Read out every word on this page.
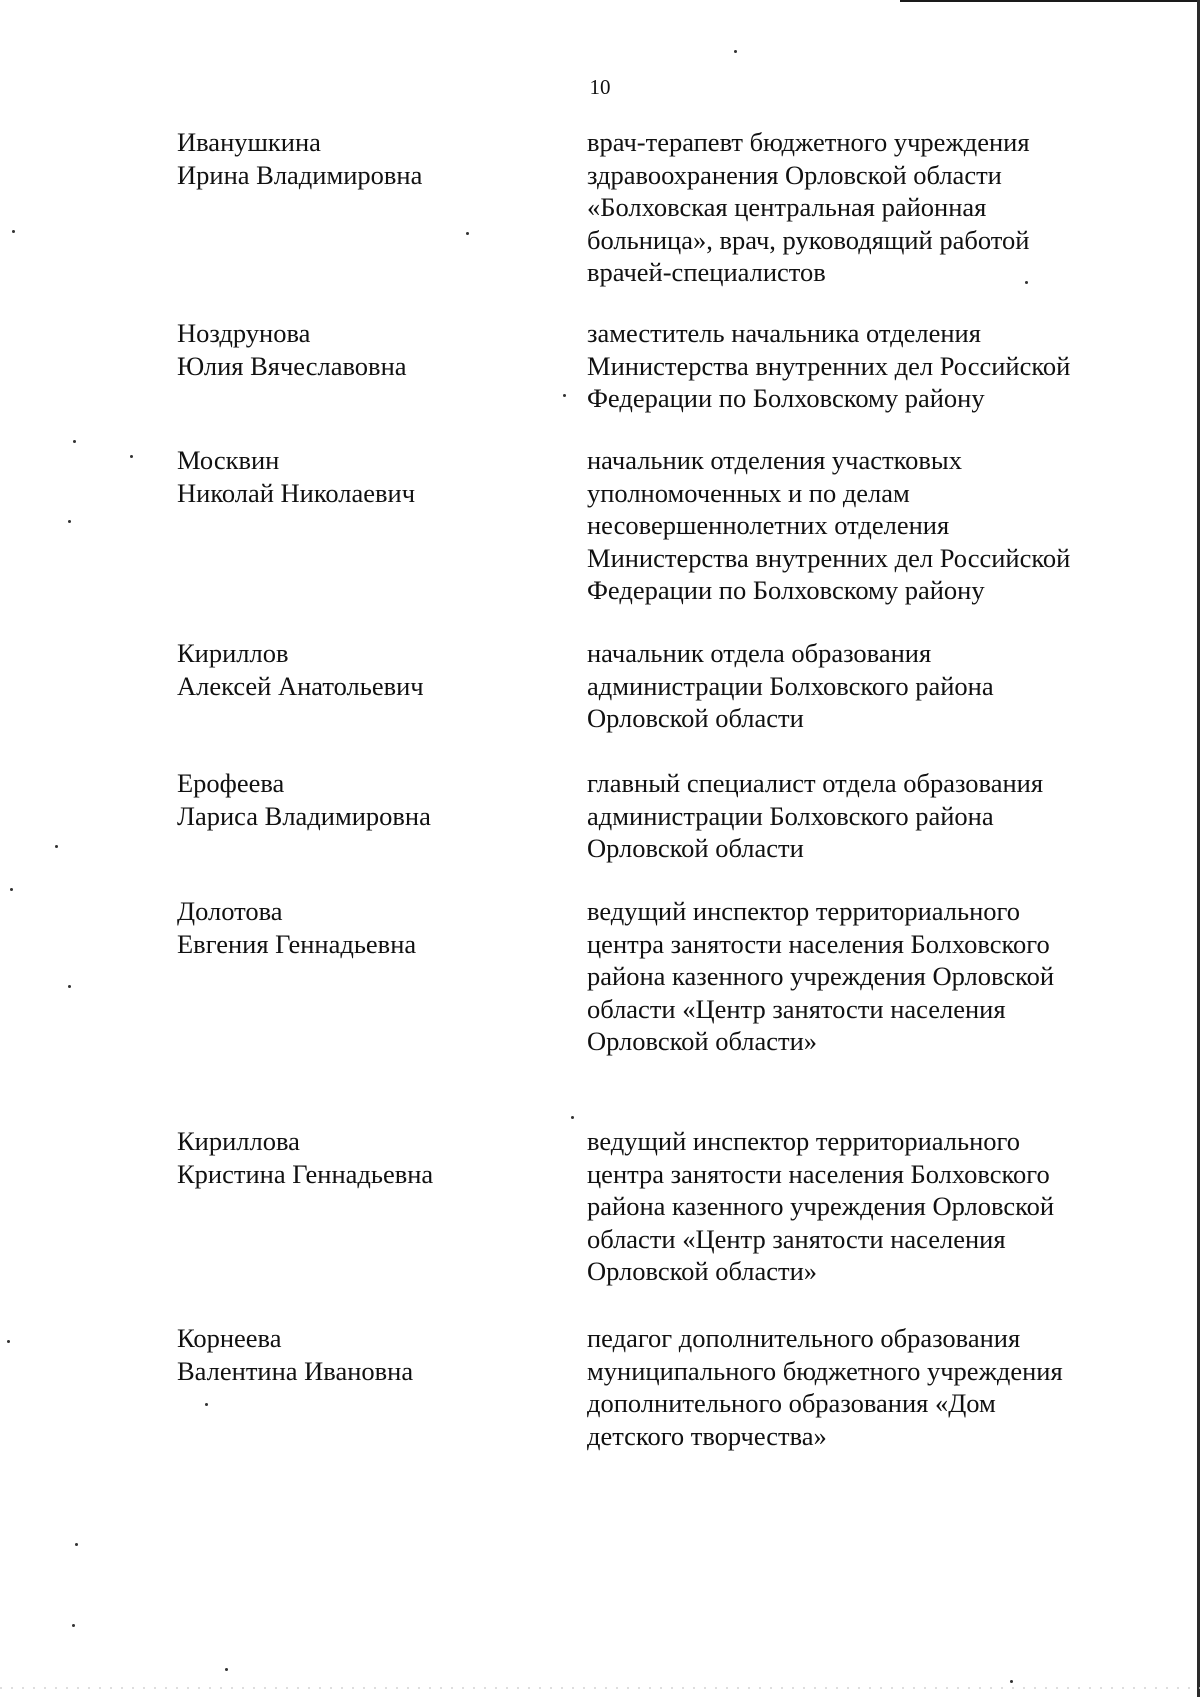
10
Иванушкина
Ирина Владимировна
врач-терапевт бюджетного учреждения
здравоохранения Орловской области
«Болховская центральная районная
больница», врач, руководящий работой
врачей-специалистов
Ноздрунова
Юлия Вячеславовна
заместитель начальника отделения
Министерства внутренних дел Российской
Федерации по Болховскому району
Москвин
Николай Николаевич
начальник отделения участковых
уполномоченных и по делам
несовершеннолетних отделения
Министерства внутренних дел Российской
Федерации по Болховскому району
Кириллов
Алексей Анатольевич
начальник отдела образования
администрации Болховского района
Орловской области
Ерофеева
Лариса Владимировна
главный специалист отдела образования
администрации Болховского района
Орловской области
Долотова
Евгения Геннадьевна
ведущий инспектор территориального
центра занятости населения Болховского
района казенного учреждения Орловской
области «Центр занятости населения
Орловской области»
Кириллова
Кристина Геннадьевна
ведущий инспектор территориального
центра занятости населения Болховского
района казенного учреждения Орловской
области «Центр занятости населения
Орловской области»
Корнеева
Валентина Ивановна
педагог дополнительного образования
муниципального бюджетного учреждения
дополнительного образования «Дом
детского творчества»
